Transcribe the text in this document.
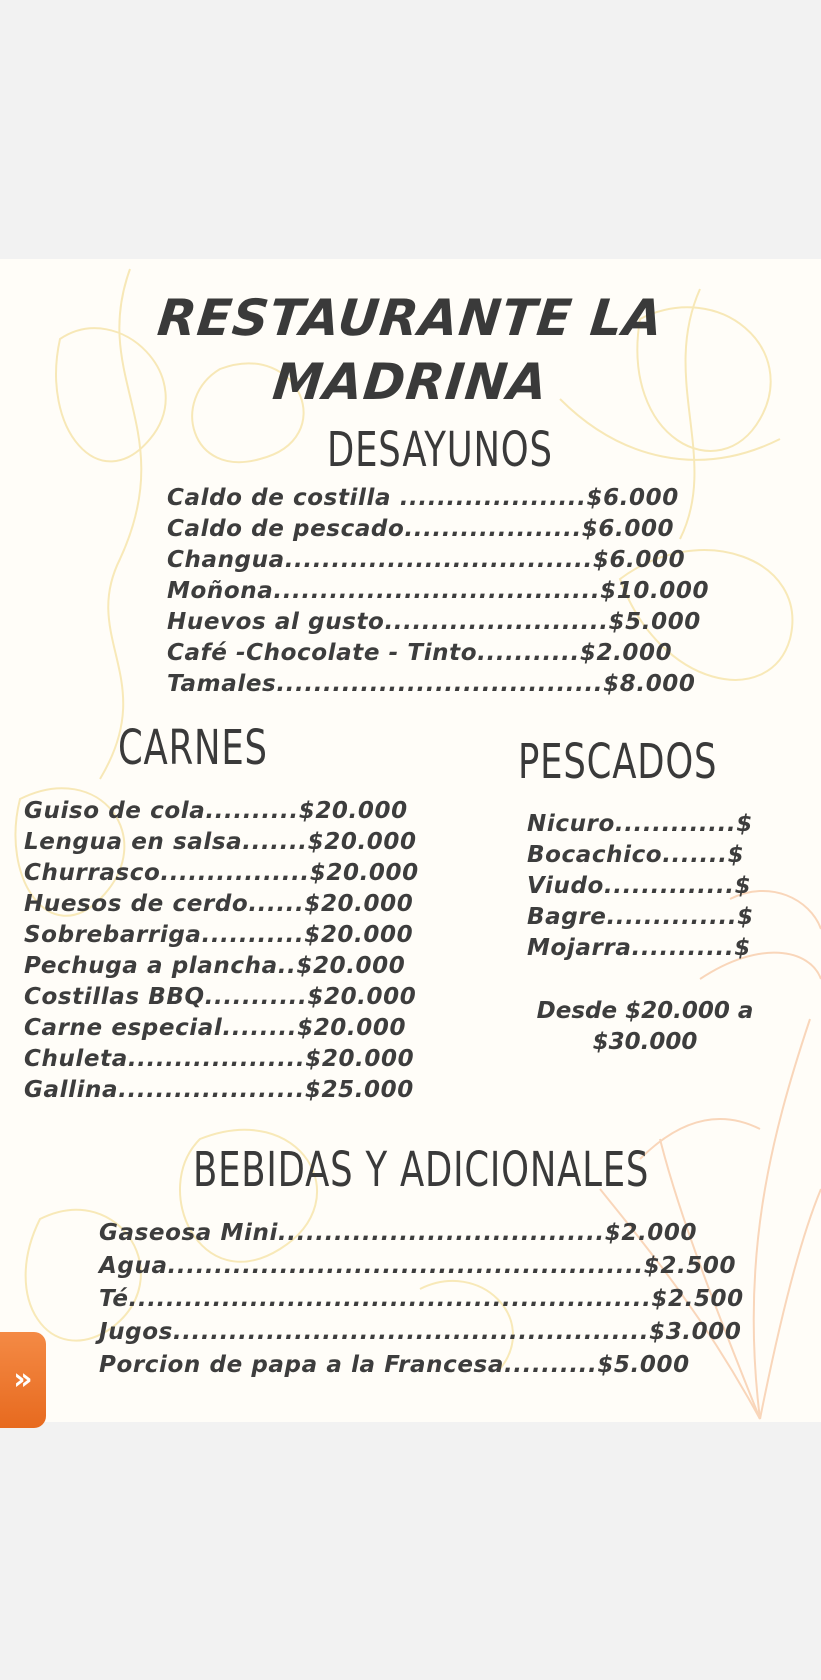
RESTAURANTE LA
MADRINA
DESAYUNOS
Caldo de costilla ....................$6.000
Caldo de pescado...................$6.000
Changua.................................$6.000
Moñona...................................$10.000
Huevos al gusto........................$5.000
Café -Chocolate - Tinto...........$2.000
Tamales...................................$8.000
CARNES
Guiso de cola..........$20.000
Lengua en salsa.......$20.000
Churrasco................$20.000
Huesos de cerdo......$20.000
Sobrebarriga...........$20.000
Pechuga a plancha..$20.000
Costillas BBQ...........$20.000
Carne especial........$20.000
Chuleta...................$20.000
Gallina....................$25.000
PESCADOS
Nicuro.............$
Bocachico.......$
Viudo..............$
Bagre..............$
Mojarra...........$
Desde $20.000 a
$30.000
BEBIDAS Y ADICIONALES
Gaseosa Mini...................................$2.000
Agua...................................................$2.500
Té........................................................$2.500
Jugos...................................................$3.000
Porcion de papa a la Francesa..........$5.000
»
